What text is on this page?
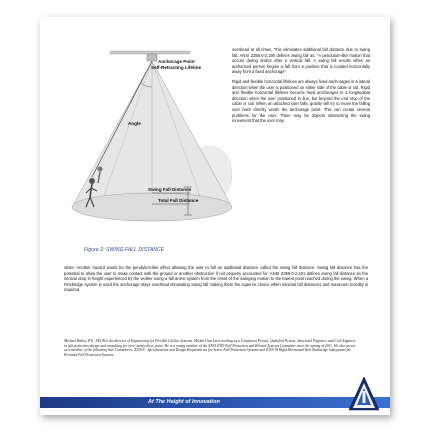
Anchorage Point
Self-Retracting Lifeline
Angle
Swing Fall Distance
Total Fall Distance
Figure 2: SWING FALL DISTANCE

overhead at all times. This eliminates additional fall distance due to swing fall. ANSI Z359.0-2.190 defines swing fall as, "A pendulum-like motion that occurs during and/or after a vertical fall. A swing fall results when an authorized person begins a fall from a position that is located horizontally away from a fixed anchorage".

Rigid and flexible horizontal lifelines are always fixed anchorages in a lateral direction when the user is positioned on either side of the cable or rail. Rigid and flexible horizontal lifelines become fixed anchorages in a longitudinal direction when the user positioned in line, but beyond the end stop of the cable or rail. When an attached user falls, gravity will try to move the falling user back directly under the anchorage point. This can create several problems for the user. There may be objects obstructing the swing movement that the user may

strike. Another hazard would be the pendulum-like effect allowing the user to fall an additional distance called the swing fall distance. Swing fall distance has the potential to allow the user to make contact with the ground or another obstruction if not properly accounted for. ANSI Z359.0-2.191 defines swing fall distance as the vertical drop in height experienced by the worker using a fall arrest system from the onset of the swinging motion to the lowest point reached during the swing. When a Flexbridge system is used the anchorage stays overhead eliminating swing fall making them the superior choice when minimal fall distances and maximum mobility is required.

Michael Bailey, P.E., SECB is the director of Engineering for Flexible Lifeline Systems. Michael has been working as a Competent Person, Qualified Person, Structural Engineer, and Civil Engineer in fall protection design and consulting for over twenty-three years. He is a voting member of the ANSI Z359 Fall Protection and Related Systems Committee since the spring of 2011. He also serves as a member of the following Sub-Committees: Z359.6 - Specifications and Design Requirements for Active Fall Protection Systems and Z359.18 Rigid Horizontal Rail Anchorage Subsystems for Personal Fall Protection Systems.

At The Height of Innovation
